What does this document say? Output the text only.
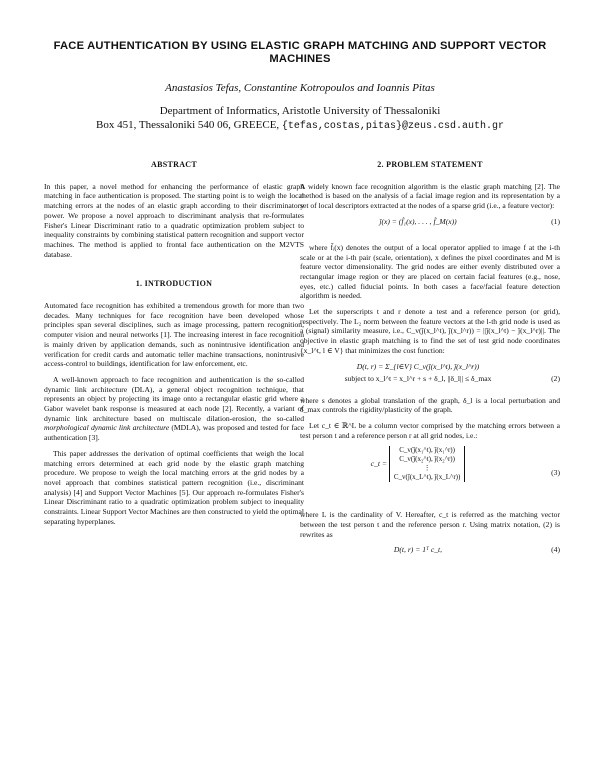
FACE AUTHENTICATION BY USING ELASTIC GRAPH MATCHING AND SUPPORT VECTOR MACHINES
Anastasios Tefas, Constantine Kotropoulos and Ioannis Pitas
Department of Informatics, Aristotle University of Thessaloniki
Box 451, Thessaloniki 540 06, GREECE, {tefas,costas,pitas}@zeus.csd.auth.gr
ABSTRACT

In this paper, a novel method for enhancing the performance of elastic graph matching in face authentication is proposed. The starting point is to weigh the local matching errors at the nodes of an elastic graph according to their discriminatory power. We propose a novel approach to discriminant analysis that re-formulates Fisher's Linear Discriminant ratio to a quadratic optimization problem subject to inequality constraints by combining statistical pattern recognition and support vector machines. The method is applied to frontal face authentication on the M2VTS database.

1. INTRODUCTION

Automated face recognition has exhibited a tremendous growth for more than two decades. Many techniques for face recognition have been developed whose principles span several disciplines, such as image processing, pattern recognition, computer vision and neural networks [1]. The increasing interest in face recognition is mainly driven by application demands, such as nonintrusive identification and verification for credit cards and automatic teller machine transactions, nonintrusive access-control to buildings, identification for law enforcement, etc.

A well-known approach to face recognition and authentication is the so-called dynamic link architecture (DLA), a general object recognition technique, that represents an object by projecting its image onto a rectangular elastic grid where a Gabor wavelet bank response is measured at each node [2]. Recently, a variant of dynamic link architecture based on multiscale dilation-erosion, the so-called morphological dynamic link architecture (MDLA), was proposed and tested for face authentication [3].

This paper addresses the derivation of optimal coefficients that weigh the local matching errors determined at each grid node by the elastic graph matching procedure. We propose to weigh the local matching errors at the grid nodes by a novel approach that combines statistical pattern recognition (i.e., discriminant analysis) [4] and Support Vector Machines [5]. Our approach re-formulates Fisher's Linear Discriminant ratio to a quadratic optimization problem subject to inequality constraints. Linear Support Vector Machines are then constructed to yield the optimal separating hyperplanes.

2. PROBLEM STATEMENT

A widely known face recognition algorithm is the elastic graph matching [2]. The method is based on the analysis of a facial image region and its representation by a set of local descriptors extracted at the nodes of a sparse grid (i.e., a feature vector):

ĵ(x) = (f̂₁(x), . . . , f̂_M(x))	(1)

where f̂ᵢ(x) denotes the output of a local operator applied to image f at the i-th scale or at the i-th pair (scale, orientation), x defines the pixel coordinates and M is feature vector dimensionality. The grid nodes are either evenly distributed over a rectangular image region or they are placed on certain facial features (e.g., nose, eyes, etc.) called fiducial points. In both cases a face/facial feature detection algorithm is needed.

Let the superscripts t and r denote a test and a reference person (or grid), respectively. The L₂ norm between the feature vectors at the l-th grid node is used as a (signal) similarity measure, i.e., C_v(ĵ(x_l^t), ĵ(x_l^r)) = ||ĵ(x_l^t) − ĵ(x_l^r)||. The objective in elastic graph matching is to find the set of test grid node coordinates {x_l^t, l ∈ V} that minimizes the cost function:

D(t, r) = Σ_{l∈V} C_v(ĵ(x_l^t), ĵ(x_l^r))
subject to x_l^t = x_l^r + s + δ_l, ||δ_l|| ≤ δ_max	(2)

where s denotes a global translation of the graph, δ_l is a local perturbation and δ_max controls the rigidity/plasticity of the graph.

Let c_t ∈ ℝ^L be a column vector comprised by the matching errors between a test person t and a reference person r at all grid nodes, i.e.:

c_t =
C_v(ĵ(x₁^t), ĵ(x₁^r))
C_v(ĵ(x₂^t), ĵ(x₂^r))
⋮
C_v(ĵ(x_L^t), ĵ(x_L^r))	(3)

where L is the cardinality of V. Hereafter, c_t is referred as the matching vector between the test person t and the reference person r. Using matrix notation, (2) is rewrites as

D(t, r) = 1ᵀ c_t,	(4)
